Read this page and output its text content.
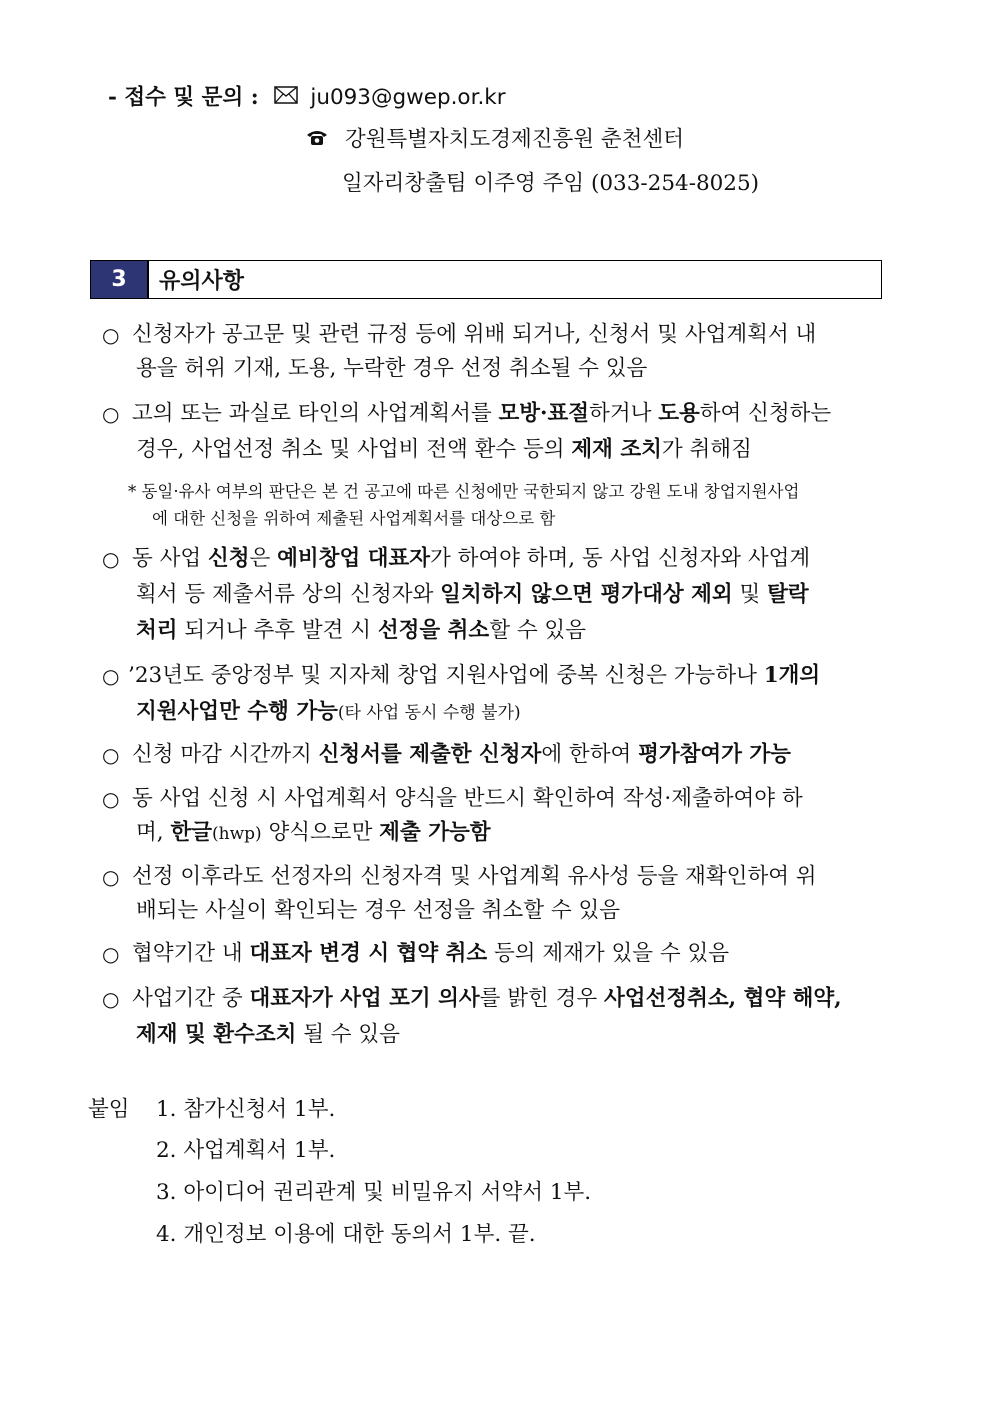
- 접수 및 문의 : ju093@gwep.or.kr
강원특별자치도경제진흥원 춘천센터
일자리창출팀 이주영 주임 (033-254-8025)
3	유의사항
○ 신청자가 공고문 및 관련 규정 등에 위배 되거나, 신청서 및 사업계획서 내
용을 허위 기재, 도용, 누락한 경우 선정 취소될 수 있음
○ 고의 또는 과실로 타인의 사업계획서를 모방·표절하거나 도용하여 신청하는
경우, 사업선정 취소 및 사업비 전액 환수 등의 제재 조치가 취해짐
* 동일·유사 여부의 판단은 본 건 공고에 따른 신청에만 국한되지 않고 강원 도내 창업지원사업
에 대한 신청을 위하여 제출된 사업계획서를 대상으로 함
○ 동 사업 신청은 예비창업 대표자가 하여야 하며, 동 사업 신청자와 사업계
획서 등 제출서류 상의 신청자와 일치하지 않으면 평가대상 제외 및 탈락
처리 되거나 추후 발견 시 선정을 취소할 수 있음
○ ’23년도 중앙정부 및 지자체 창업 지원사업에 중복 신청은 가능하나 1개의
지원사업만 수행 가능(타 사업 동시 수행 불가)
○ 신청 마감 시간까지 신청서를 제출한 신청자에 한하여 평가참여가 가능
○ 동 사업 신청 시 사업계획서 양식을 반드시 확인하여 작성·제출하여야 하
며, 한글(hwp) 양식으로만 제출 가능함
○ 선정 이후라도 선정자의 신청자격 및 사업계획 유사성 등을 재확인하여 위
배되는 사실이 확인되는 경우 선정을 취소할 수 있음
○ 협약기간 내 대표자 변경 시 협약 취소 등의 제재가 있을 수 있음
○ 사업기간 중 대표자가 사업 포기 의사를 밝힌 경우 사업선정취소, 협약 해약,
제재 및 환수조치 될 수 있음
붙임 1. 참가신청서 1부.
2. 사업계획서 1부.
3. 아이디어 권리관계 및 비밀유지 서약서 1부.
4. 개인정보 이용에 대한 동의서 1부. 끝.
